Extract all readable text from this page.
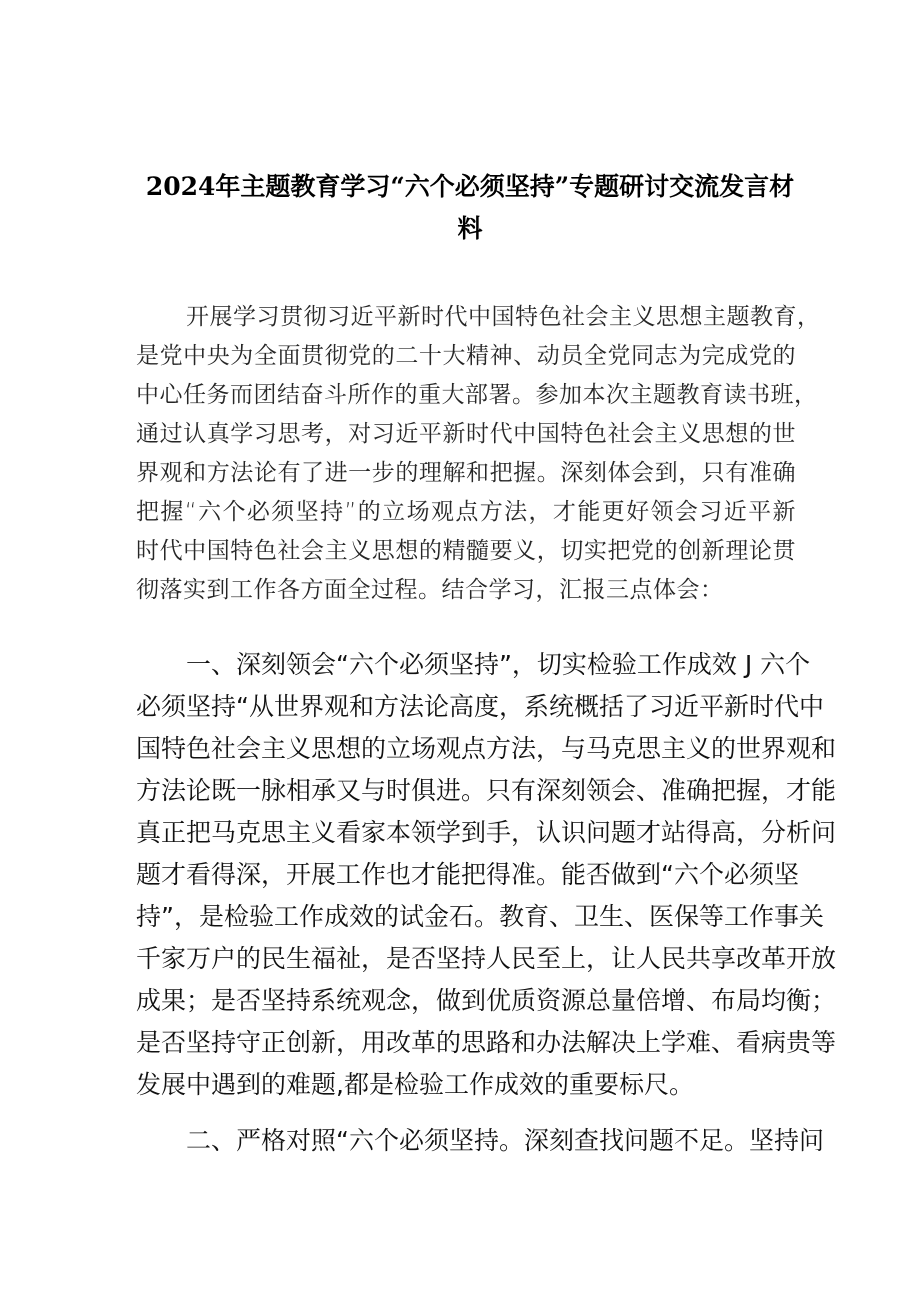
2024年主题教育学习“六个必须坚持”专题研讨交流发言材
料
开展学习贯彻习近平新时代中国特色社会主义思想主题教育，
是党中央为全面贯彻党的二十大精神、动员全党同志为完成党的
中心任务而团结奋斗所作的重大部署。参加本次主题教育读书班，
通过认真学习思考，对习近平新时代中国特色社会主义思想的世
界观和方法论有了进一步的理解和把握。深刻体会到，只有准确
把握“六个必须坚持”的立场观点方法，才能更好领会习近平新
时代中国特色社会主义思想的精髓要义，切实把党的创新理论贯
彻落实到工作各方面全过程。结合学习，汇报三点体会：
一、深刻领会“六个必须坚持”，切实检验工作成效 J 六个
必须坚持“从世界观和方法论高度，系统概括了习近平新时代中
国特色社会主义思想的立场观点方法，与马克思主义的世界观和
方法论既一脉相承又与时俱进。只有深刻领会、准确把握，才能
真正把马克思主义看家本领学到手，认识问题才站得高，分析问
题才看得深，开展工作也才能把得准。能否做到“六个必须坚
持”，是检验工作成效的试金石。教育、卫生、医保等工作事关
千家万户的民生福祉，是否坚持人民至上，让人民共享改革开放
成果；是否坚持系统观念，做到优质资源总量倍增、布局均衡；
是否坚持守正创新，用改革的思路和办法解决上学难、看病贵等
发展中遇到的难题,都是检验工作成效的重要标尺。
二、严格对照“六个必须坚持。深刻查找问题不足。坚持问
